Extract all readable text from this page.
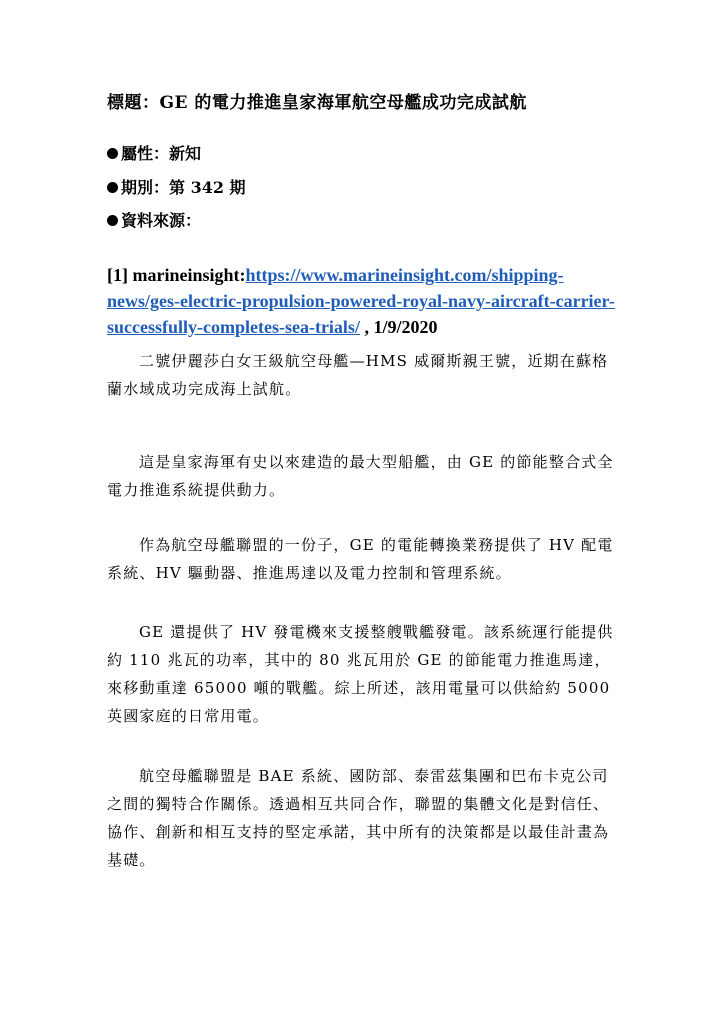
標題：GE 的電力推進皇家海軍航空母艦成功完成試航
屬性：新知
期別：第 342 期
資料來源：
[1] marineinsight:https://www.marineinsight.com/shipping-news/ges-electric-propulsion-powered-royal-navy-aircraft-carrier-successfully-completes-sea-trials/ , 1/9/2020

二號伊麗莎白女王級航空母艦—HMS 威爾斯親王號，近期在蘇格蘭水域成功完成海上試航。

這是皇家海軍有史以來建造的最大型船艦，由 GE 的節能整合式全電力推進系統提供動力。

作為航空母艦聯盟的一份子，GE 的電能轉換業務提供了 HV 配電系統、HV 驅動器、推進馬達以及電力控制和管理系統。

GE 還提供了 HV 發電機來支援整艘戰艦發電。該系統運行能提供約 110 兆瓦的功率，其中的 80 兆瓦用於 GE 的節能電力推進馬達，來移動重達 65000 噸的戰艦。綜上所述，該用電量可以供給約 5000 英國家庭的日常用電。

航空母艦聯盟是 BAE 系統、國防部、泰雷茲集團和巴布卡克公司之間的獨特合作關係。透過相互共同合作，聯盟的集體文化是對信任、協作、創新和相互支持的堅定承諾，其中所有的決策都是以最佳計畫為基礎。
